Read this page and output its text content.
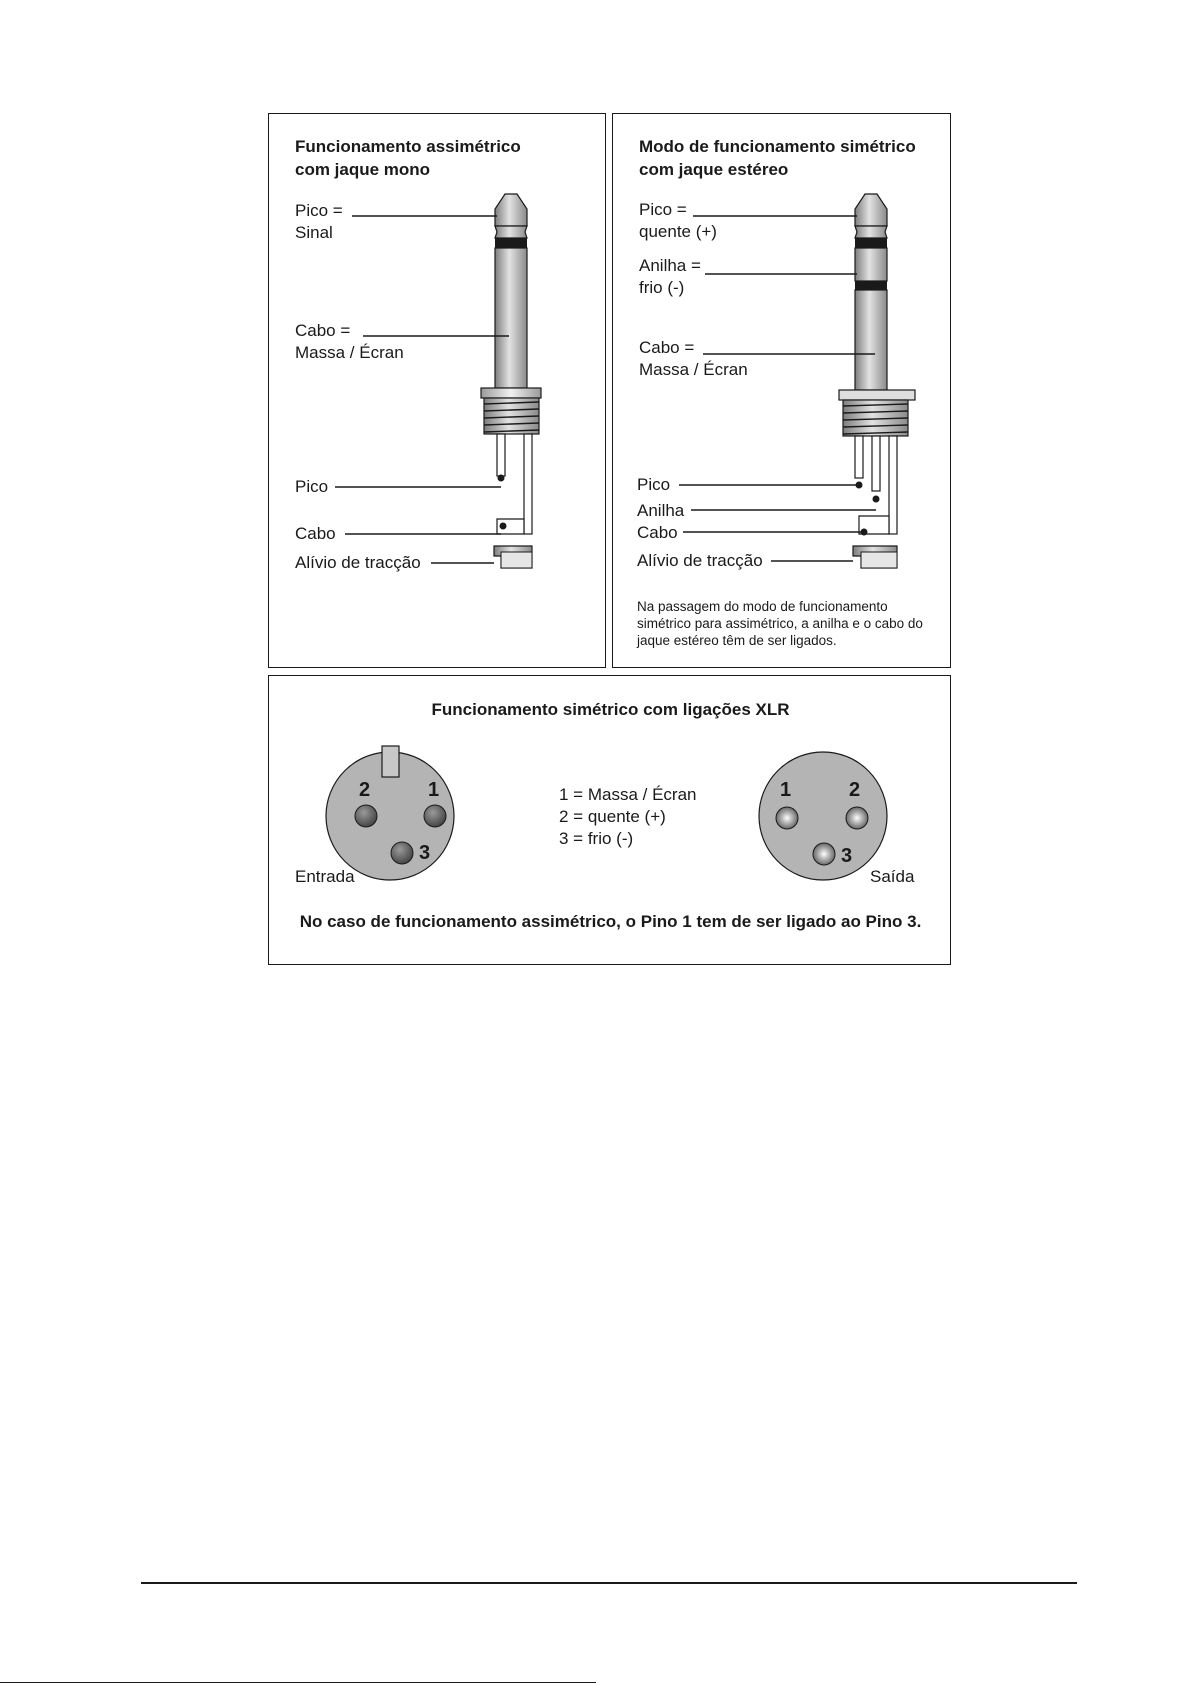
Funcionamento assimétrico
com jaque mono
Pico =
Sinal
Cabo =
Massa / Écran
Pico
Cabo
Alívio de tracção
Modo de funcionamento simétrico
com jaque estéreo
Pico =
quente (+)
Anilha =
frio (-)
Cabo =
Massa / Écran
Pico
Anilha
Cabo
Alívio de tracção
Na passagem do modo de funcionamento simétrico para assimétrico, a anilha e o cabo do jaque estéreo têm de ser ligados.
Funcionamento simétrico com ligações XLR
1 = Massa / Écran
2 = quente (+)
3 = frio (-)
Entrada	Saída
2	1
3
1	2
3
No caso de funcionamento assimétrico, o Pino 1 tem de ser ligado ao Pino 3.
